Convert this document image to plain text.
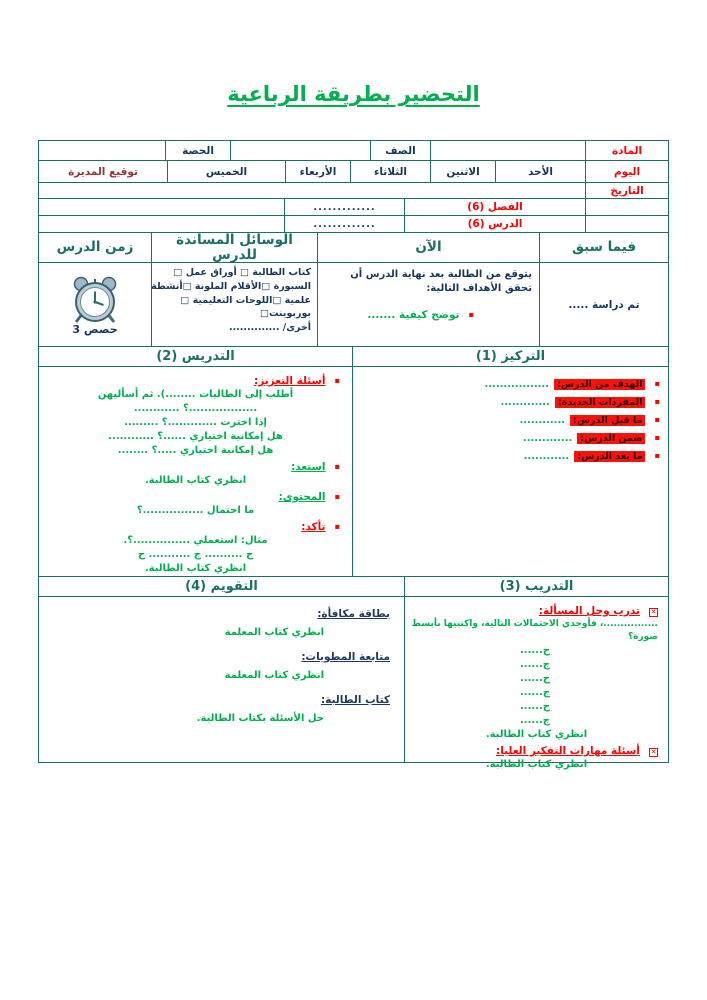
التحضير بطريقة الرباعية
المادة
الصف
الحصة
اليوم
الأحد
الاثنين
الثلاثاء
الأربعاء
الخميس
توقيع المديرة
التاريخ
الفصل (6)
.............
الدرس (6)
.............
فيما سبق
الآن
الوسائل المساندة للدرس
زمن الدرس
تم دراسة .....
يتوقع من الطالبة بعد نهاية الدرس أن تحقق الأهداف التالية:
▪ توضح كيفية .......
كتاب الطالبة □ أوراق عمل □
السبورة □الأقلام الملونة □أنشطة
علمية □اللوحات التعليمية □
بوربوينت□
أخرى/ ..............
3 حصص
التركيز (1)
التدريس (2)
▪ الهدف من الدرس: .................
▪ المفردات الجديدة: .............
▪ ما قبل الدرس: ............
▪ ضمن الدرس: .............
▪ ما بعد الدرس: ............
▪ أسئلة التعزيز:
أطلب إلى الطالبات ........). ثم أسأليهن
..................؟ ............
إذا اخترت .............؟ .........
هل إمكانية اختياري ......؟ ............
هل إمكانية اختياري .....؟ ........
▪ استعد:
انظري كتاب الطالبة.
▪ المحتوى:
ما احتمال ................؟
▪ تأكد:
مثال: استعملي ...............؟.
ح .......... ج ........... ح
انظري كتاب الطالبة.
التدريب (3)
التقويم (4)
✕ تدرب وحل المسألة:
................، فأوجدي الاحتمالات التالية، واكتبيها بأبسط صورة؟
ح......
ج......
ح......
ج......
ح......
ج......
انظري كتاب الطالبة.
✕ أسئلة مهارات التفكير العليا:
انظري كتاب الطالبة.
بطاقة مكافأة:
انظري كتاب المعلمة
متابعة المطويات:
انظري كتاب المعلمة
كتاب الطالبة:
حل الأسئلة بكتاب الطالبة.
